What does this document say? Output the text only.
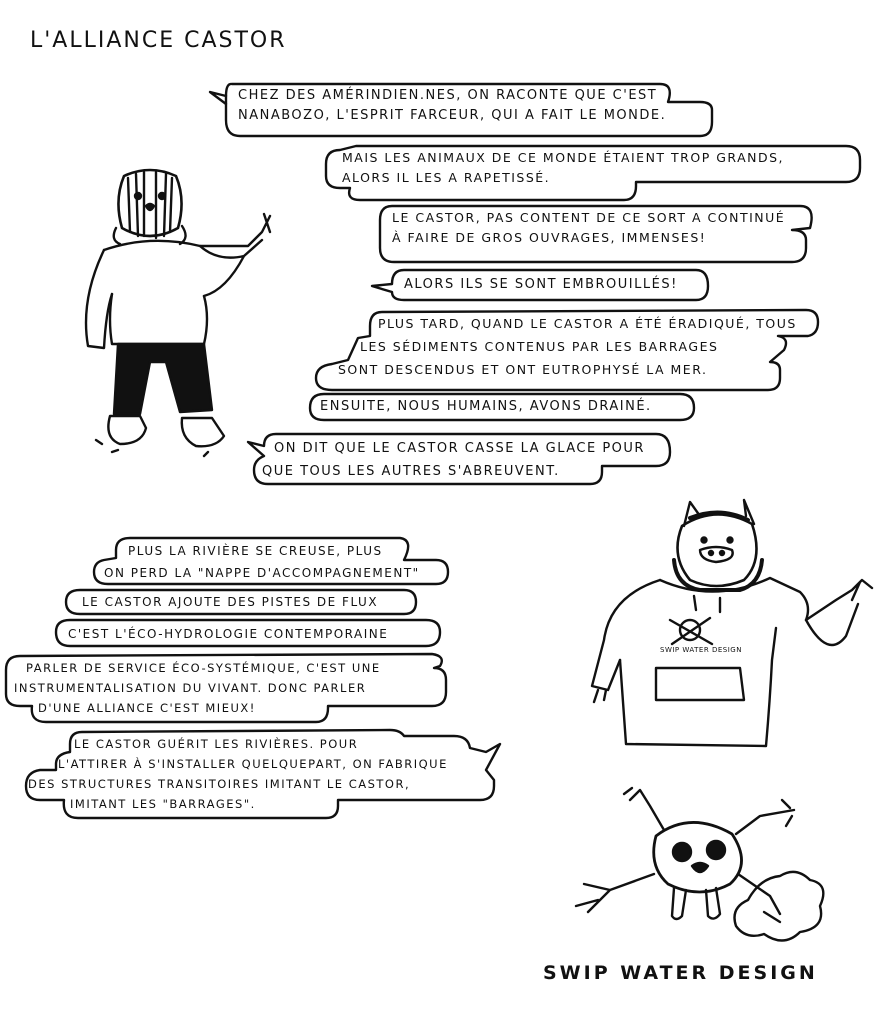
L'ALLIANCE CASTOR
CHEZ DES AMÉRINDIEN.NES, ON RACONTE QUE C'EST
NANABOZO, L'ESPRIT FARCEUR, QUI A FAIT LE MONDE.
MAIS LES ANIMAUX DE CE MONDE ÉTAIENT TROP GRANDS,
ALORS IL LES A RAPETISSÉ.
LE CASTOR, PAS CONTENT DE CE SORT A CONTINUÉ
À FAIRE DE GROS OUVRAGES, IMMENSES!
ALORS ILS SE SONT EMBROUILLÉS!
PLUS TARD, QUAND LE CASTOR A ÉTÉ ÉRADIQUÉ, TOUS
LES SÉDIMENTS CONTENUS PAR LES BARRAGES
SONT DESCENDUS ET ONT EUTROPHYSÉ LA MER.
ENSUITE, NOUS HUMAINS, AVONS DRAINÉ.
ON DIT QUE LE CASTOR CASSE LA GLACE POUR
QUE TOUS LES AUTRES S'ABREUVENT.
PLUS LA RIVIÈRE SE CREUSE, PLUS
ON PERD LA "NAPPE D'ACCOMPAGNEMENT"
LE CASTOR AJOUTE DES PISTES DE FLUX
C'EST L'ÉCO-HYDROLOGIE CONTEMPORAINE
PARLER DE SERVICE ÉCO-SYSTÉMIQUE, C'EST UNE
INSTRUMENTALISATION DU VIVANT. DONC PARLER
D'UNE ALLIANCE C'EST MIEUX!
LE CASTOR GUÉRIT LES RIVIÈRES. POUR
L'ATTIRER À S'INSTALLER QUELQUEPART, ON FABRIQUE
DES STRUCTURES TRANSITOIRES IMITANT LE CASTOR,
IMITANT LES "BARRAGES".
SWIP WATER DESIGN
SWIP WATER DESIGN
